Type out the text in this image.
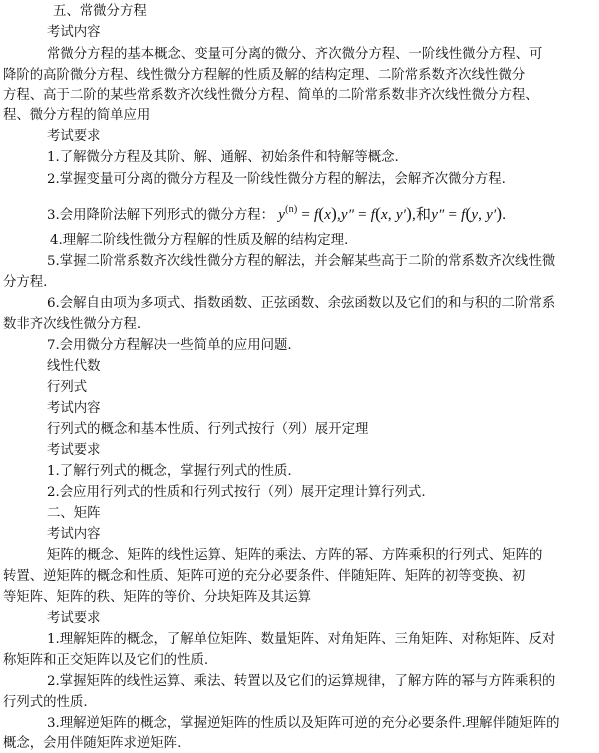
五、常微分方程
考试内容
常微分方程的基本概念、变量可分离的微分、齐次微分方程、一阶线性微分方程、可
降阶的高阶微分方程、线性微分方程解的性质及解的结构定理、二阶常系数齐次线性微分
方程、高于二阶的某些常系数齐次线性微分方程、简单的二阶常系数非齐次线性微分方程、
程、微分方程的简单应用
考试要求
1.了解微分方程及其阶、解、通解、初始条件和特解等概念.
2.掌握变量可分离的微分方程及一阶线性微分方程的解法，会解齐次微分方程.
3.会用降阶法解下列形式的微分方程： $y^{(n)} = f(x),y'' = f(x$, y′),和y″ = f(y, y′).
4.理解二阶线性微分方程解的性质及解的结构定理.
5.掌握二阶常系数齐次线性微分方程的解法，并会解某些高于二阶的常系数齐次线性微
分方程.
6.会解自由项为多项式、指数函数、正弦函数、余弦函数以及它们的和与积的二阶常系
数非齐次线性微分方程.
7.会用微分方程解决一些简单的应用问题.
线性代数
行列式
考试内容
行列式的概念和基本性质、行列式按行（列）展开定理
考试要求
1.了解行列式的概念，掌握行列式的性质.
2.会应用行列式的性质和行列式按行（列）展开定理计算行列式.
二、矩阵
考试内容
矩阵的概念、矩阵的线性运算、矩阵的乘法、方阵的幂、方阵乘积的行列式、矩阵的
转置、逆矩阵的概念和性质、矩阵可逆的充分必要条件、伴随矩阵、矩阵的初等变换、初
等矩阵、矩阵的秩、矩阵的等价、分块矩阵及其运算
考试要求
1.理解矩阵的概念，了解单位矩阵、数量矩阵、对角矩阵、三角矩阵、对称矩阵、反对
称矩阵和正交矩阵以及它们的性质.
2.掌握矩阵的线性运算、乘法、转置以及它们的运算规律，了解方阵的幂与方阵乘积的
行列式的性质.
3.理解逆矩阵的概念，掌握逆矩阵的性质以及矩阵可逆的充分必要条件.理解伴随矩阵的
概念，会用伴随矩阵求逆矩阵.
